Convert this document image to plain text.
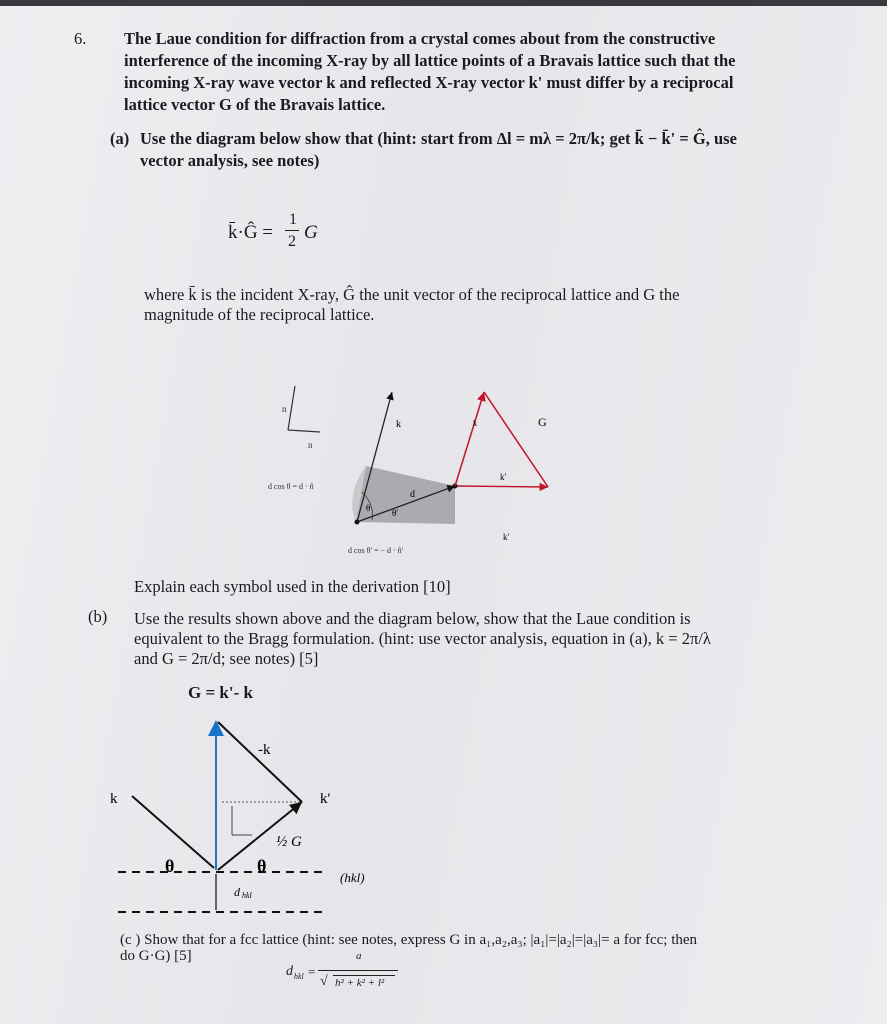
6. The Laue condition for diffraction from a crystal comes about from the constructive
interference of the incoming X-ray by all lattice points of a Bravais lattice such that the
incoming X-ray wave vector k and reflected X-ray vector k' must differ by a reciprocal
lattice vector G of the Bravais lattice.
(a) Use the diagram below show that (hint: start from Δl = mλ = 2π/k; get k̄ − k̄' = Ĝ, use
vector analysis, see notes)
k̄·Ĝ =
1
2 G
where k̄ is the incident X-ray, Ĝ the unit vector of the reciprocal lattice and G the
magnitude of the reciprocal lattice.
n
n
k
d
θ θ'
k'
k	G
k'
d cos θ = d · n̂
d cos θ' = − d · n̂'
Explain each symbol used in the derivation [10]
(b) Use the results shown above and the diagram below, show that the Laue condition is
equivalent to the Bragg formulation. (hint: use vector analysis, equation in (a), k = 2π/λ
and G = 2π/d; see notes) [5]
G = k'- k
-k
k	k'
½ G
θ	θ
(hkl)
d hkl
(c ) Show that for a fcc lattice (hint: see notes, express G in a₁,a₂,a₃; |a₁|=|a₂|=|a₃|= a for fcc; then
do G·G) [5]
d hkl =
a
√ h² + k² + l²
